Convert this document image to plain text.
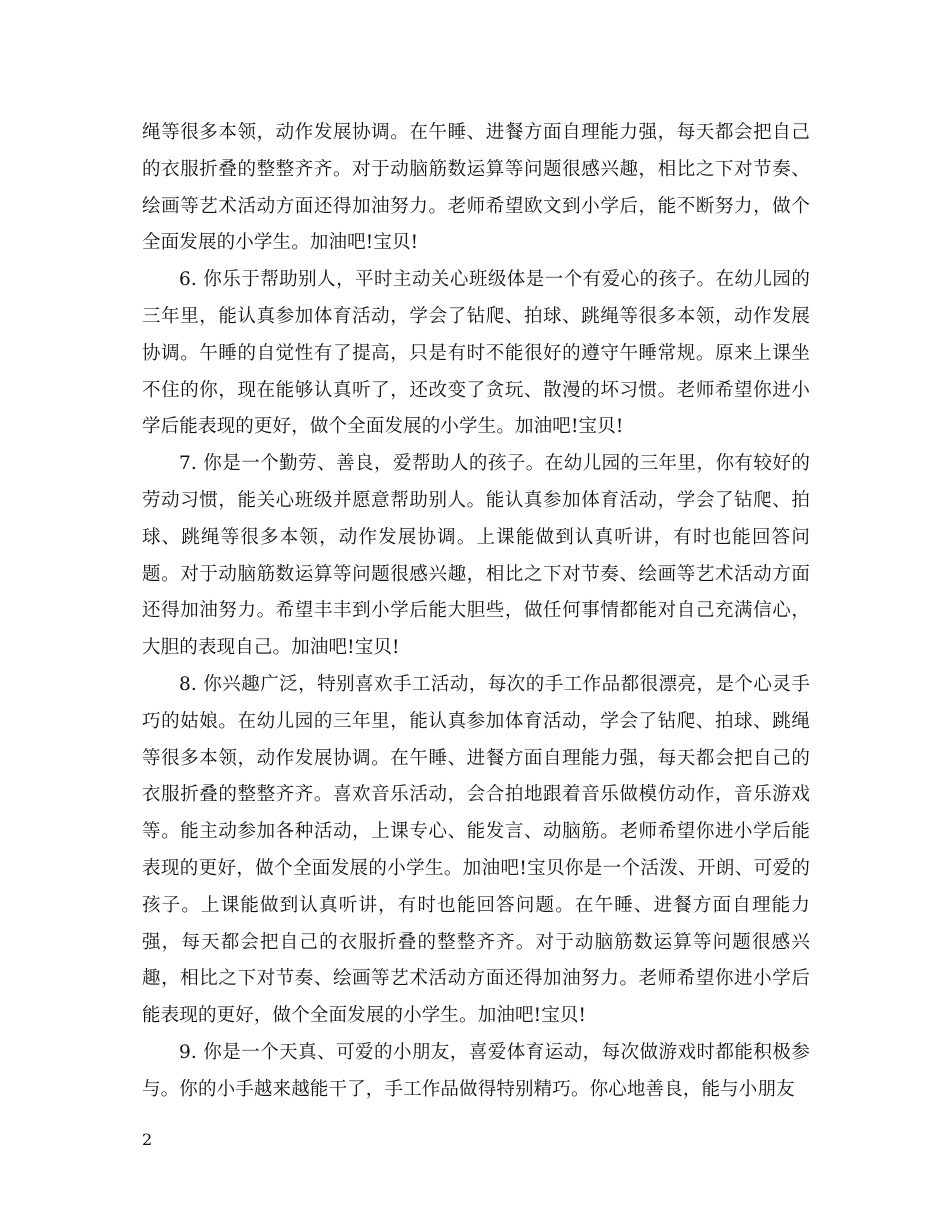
绳等很多本领，动作发展协调。在午睡、进餐方面自理能力强，每天都会把自己的衣服折叠的整整齐齐。对于动脑筋数运算等问题很感兴趣，相比之下对节奏、绘画等艺术活动方面还得加油努力。老师希望欧文到小学后，能不断努力，做个全面发展的小学生。加油吧!宝贝!

6. 你乐于帮助别人，平时主动关心班级体是一个有爱心的孩子。在幼儿园的三年里，能认真参加体育活动，学会了钻爬、拍球、跳绳等很多本领，动作发展协调。午睡的自觉性有了提高，只是有时不能很好的遵守午睡常规。原来上课坐不住的你，现在能够认真听了，还改变了贪玩、散漫的坏习惯。老师希望你进小学后能表现的更好，做个全面发展的小学生。加油吧!宝贝!

7. 你是一个勤劳、善良，爱帮助人的孩子。在幼儿园的三年里，你有较好的劳动习惯，能关心班级并愿意帮助别人。能认真参加体育活动，学会了钻爬、拍球、跳绳等很多本领，动作发展协调。上课能做到认真听讲，有时也能回答问题。对于动脑筋数运算等问题很感兴趣，相比之下对节奏、绘画等艺术活动方面还得加油努力。希望丰丰到小学后能大胆些，做任何事情都能对自己充满信心，大胆的表现自己。加油吧!宝贝!

8. 你兴趣广泛，特别喜欢手工活动，每次的手工作品都很漂亮，是个心灵手巧的姑娘。在幼儿园的三年里，能认真参加体育活动，学会了钻爬、拍球、跳绳等很多本领，动作发展协调。在午睡、进餐方面自理能力强，每天都会把自己的衣服折叠的整整齐齐。喜欢音乐活动，会合拍地跟着音乐做模仿动作，音乐游戏等。能主动参加各种活动，上课专心、能发言、动脑筋。老师希望你进小学后能表现的更好，做个全面发展的小学生。加油吧!宝贝你是一个活泼、开朗、可爱的孩子。上课能做到认真听讲，有时也能回答问题。在午睡、进餐方面自理能力强，每天都会把自己的衣服折叠的整整齐齐。对于动脑筋数运算等问题很感兴趣，相比之下对节奏、绘画等艺术活动方面还得加油努力。老师希望你进小学后能表现的更好，做个全面发展的小学生。加油吧!宝贝!

9. 你是一个天真、可爱的小朋友，喜爱体育运动，每次做游戏时都能积极参与。你的小手越来越能干了，手工作品做得特别精巧。你心地善良，能与小朋友

2
